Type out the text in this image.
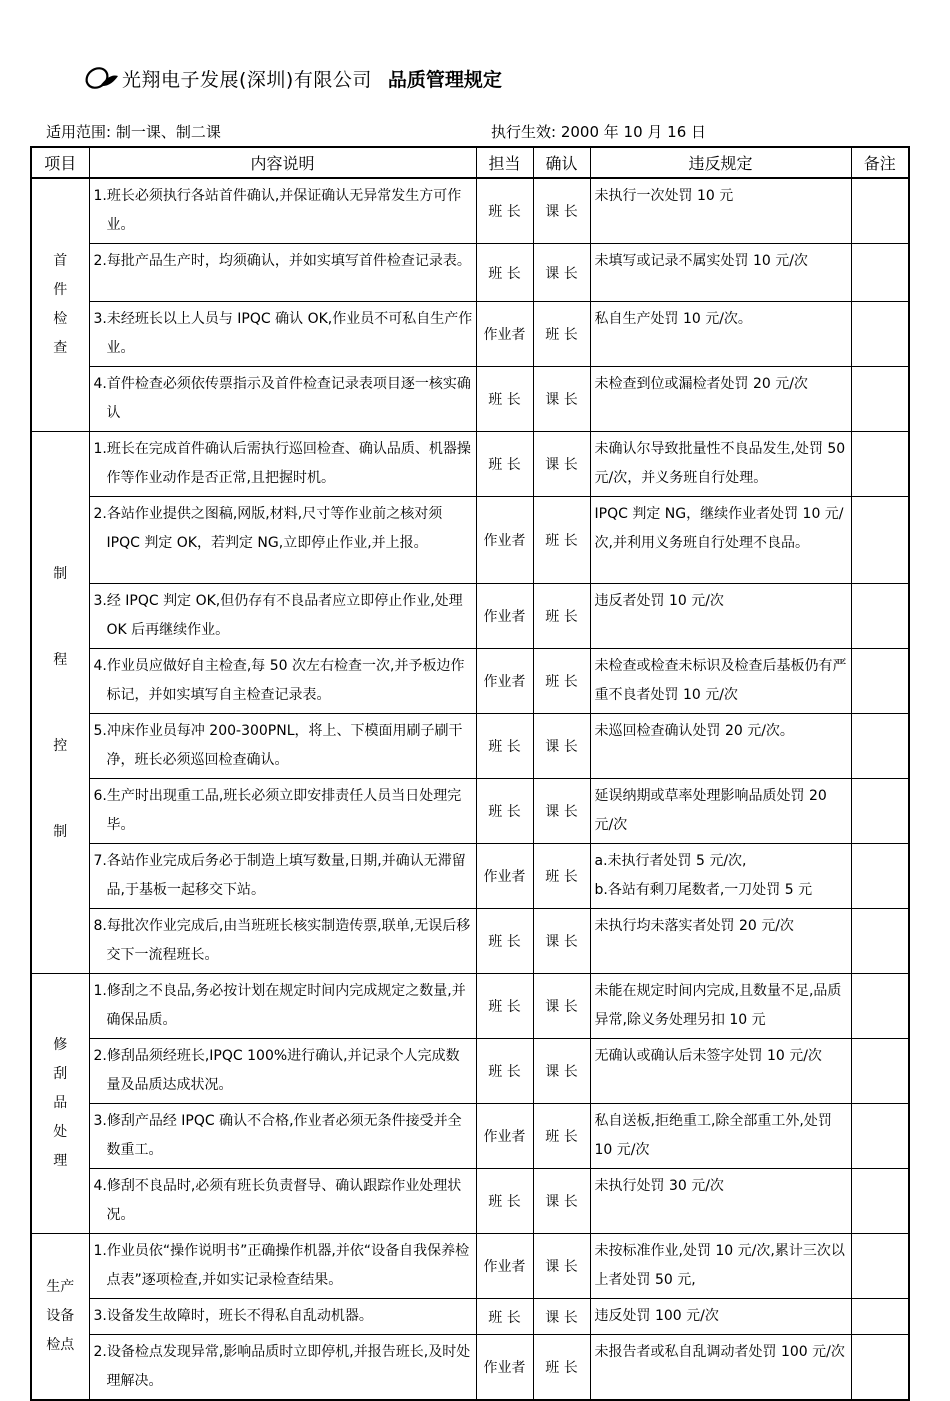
光翔电子发展(深圳)有限公司 品质管理规定
适用范围: 制一课、制二课	执行生效: 2000 年 10 月 16 日
项目	内容说明	担当	确认	违反规定	备注

首
件
检
查	1.班长必须执行各站首件确认,并保证确认无异常发生方可作业。	班 长	课 长	未执行一次处罚 10 元	
	2.每批产品生产时，均须确认，并如实填写首件检查记录表。	班 长	课 长	未填写或记录不属实处罚 10 元/次	
	3.未经班长以上人员与 IPQC 确认 OK,作业员不可私自生产作业。	作业者	班 长	私自生产处罚 10 元/次。	
	4.首件检查必须依传票指示及首件检查记录表项目逐一核实确认	班 长	课 长	未检查到位或漏检者处罚 20 元/次	

制
程
控
制	1.班长在完成首件确认后需执行巡回检查、确认品质、机器操作等作业动作是否正常,且把握时机。	班 长	课 长	未确认尔导致批量性不良品发生,处罚 50 元/次，并义务班自行处理。	
	2.各站作业提供之图稿,网版,材料,尺寸等作业前之核对须 IPQC 判定 OK，若判定 NG,立即停止作业,并上报。	作业者	班 长	IPQC 判定 NG，继续作业者处罚 10 元/次,并利用义务班自行处理不良品。	
	3.经 IPQC 判定 OK,但仍存有不良品者应立即停止作业,处理 OK 后再继续作业。	作业者	班 长	违反者处罚 10 元/次	
	4.作业员应做好自主检查,每 50 次左右检查一次,并予板边作标记，并如实填写自主检查记录表。	作业者	班 长	未检查或检查未标识及检查后基板仍有严重不良者处罚 10 元/次	
	5.冲床作业员每冲 200-300PNL，将上、下模面用刷子刷干净，班长必须巡回检查确认。	班 长	课 长	未巡回检查确认处罚 20 元/次。	
	6.生产时出现重工品,班长必须立即安排责任人员当日处理完毕。	班 长	课 长	延误纳期或草率处理影响品质处罚 20 元/次	
	7.各站作业完成后务必于制造上填写数量,日期,并确认无滞留品,于基板一起移交下站。	作业者	班 长	a.未执行者处罚 5 元/次,
b.各站有剩刀尾数者,一刀处罚 5 元	
	8.每批次作业完成后,由当班班长核实制造传票,联单,无误后移交下一流程班长。	班 长	课 长	未执行均未落实者处罚 20 元/次	

修
刮
品
处
理	1.修刮之不良品,务必按计划在规定时间内完成规定之数量,并确保品质。	班 长	课 长	未能在规定时间内完成,且数量不足,品质异常,除义务处理另扣 10 元	
	2.修刮品须经班长,IPQC 100%进行确认,并记录个人完成数量及品质达成状况。	班 长	课 长	无确认或确认后未签字处罚 10 元/次	
	3.修刮产品经 IPQC 确认不合格,作业者必须无条件接受并全数重工。	作业者	班 长	私自送板,拒绝重工,除全部重工外,处罚 10 元/次	
	4.修刮不良品时,必须有班长负责督导、确认跟踪作业处理状况。	班 长	课 长	未执行处罚 30 元/次	

生产
设备
检点	1.作业员依“操作说明书”正确操作机器,并依“设备自我保养检点表”逐项检查,并如实记录检查结果。	作业者	课 长	未按标准作业,处罚 10 元/次,累计三次以上者处罚 50 元,	
	3.设备发生故障时，班长不得私自乱动机器。	班 长	课 长	违反处罚 100 元/次	
	2.设备检点发现异常,影响品质时立即停机,并报告班长,及时处理解决。	作业者	班 长	未报告者或私自乱调动者处罚 100 元/次	
